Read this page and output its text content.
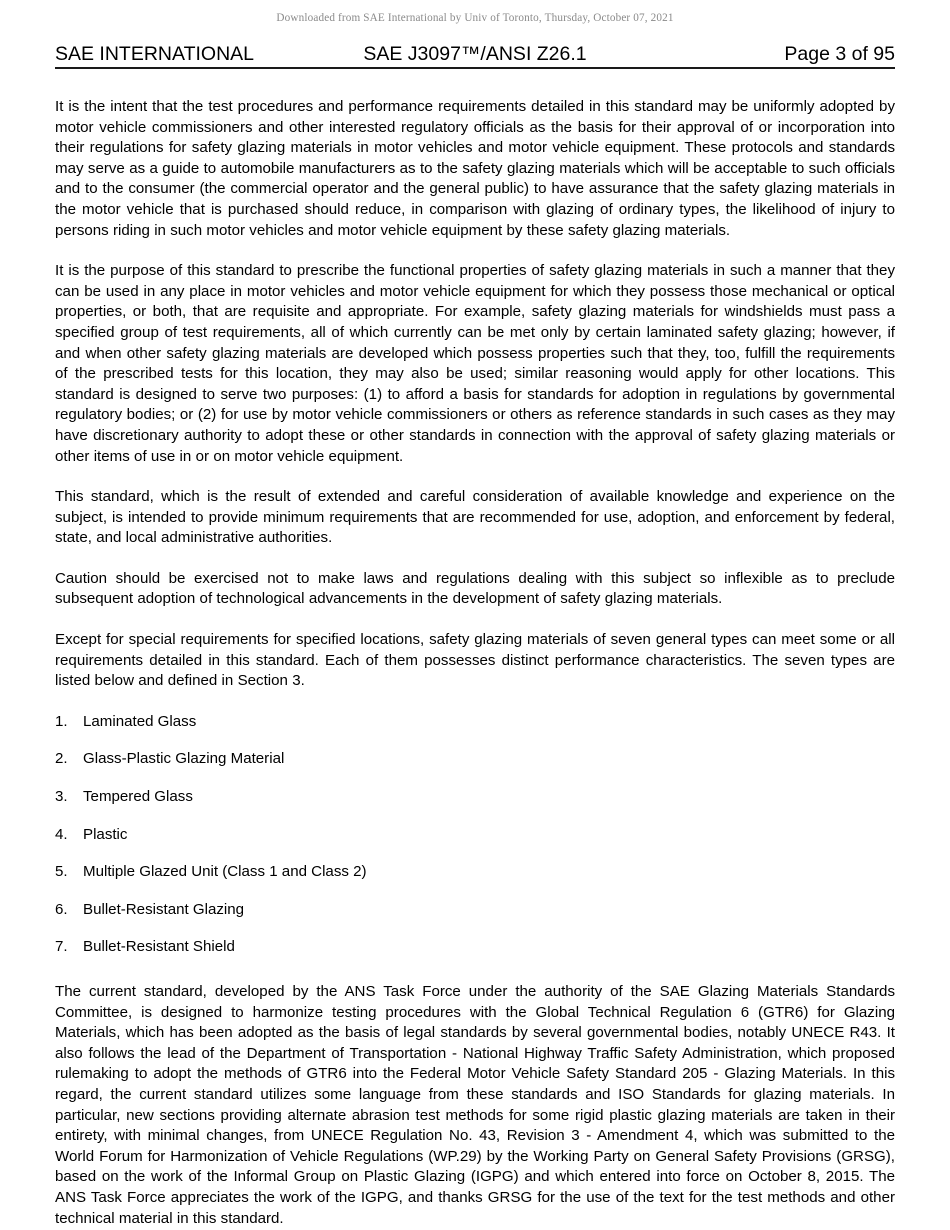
Downloaded from SAE International by Univ of Toronto, Thursday, October 07, 2021
SAE INTERNATIONAL	SAE J3097™/ANSI Z26.1	Page 3 of 95

It is the intent that the test procedures and performance requirements detailed in this standard may be uniformly adopted by motor vehicle commissioners and other interested regulatory officials as the basis for their approval of or incorporation into their regulations for safety glazing materials in motor vehicles and motor vehicle equipment. These protocols and standards may serve as a guide to automobile manufacturers as to the safety glazing materials which will be acceptable to such officials and to the consumer (the commercial operator and the general public) to have assurance that the safety glazing materials in the motor vehicle that is purchased should reduce, in comparison with glazing of ordinary types, the likelihood of injury to persons riding in such motor vehicles and motor vehicle equipment by these safety glazing materials.

It is the purpose of this standard to prescribe the functional properties of safety glazing materials in such a manner that they can be used in any place in motor vehicles and motor vehicle equipment for which they possess those mechanical or optical properties, or both, that are requisite and appropriate. For example, safety glazing materials for windshields must pass a specified group of test requirements, all of which currently can be met only by certain laminated safety glazing; however, if and when other safety glazing materials are developed which possess properties such that they, too, fulfill the requirements of the prescribed tests for this location, they may also be used; similar reasoning would apply for other locations. This standard is designed to serve two purposes: (1) to afford a basis for standards for adoption in regulations by governmental regulatory bodies; or (2) for use by motor vehicle commissioners or others as reference standards in such cases as they may have discretionary authority to adopt these or other standards in connection with the approval of safety glazing materials or other items of use in or on motor vehicle equipment.

This standard, which is the result of extended and careful consideration of available knowledge and experience on the subject, is intended to provide minimum requirements that are recommended for use, adoption, and enforcement by federal, state, and local administrative authorities.

Caution should be exercised not to make laws and regulations dealing with this subject so inflexible as to preclude subsequent adoption of technological advancements in the development of safety glazing materials.

Except for special requirements for specified locations, safety glazing materials of seven general types can meet some or all requirements detailed in this standard. Each of them possesses distinct performance characteristics. The seven types are listed below and defined in Section 3.

1.	Laminated Glass
2.	Glass-Plastic Glazing Material
3.	Tempered Glass
4.	Plastic
5.	Multiple Glazed Unit (Class 1 and Class 2)
6.	Bullet-Resistant Glazing
7.	Bullet-Resistant Shield

The current standard, developed by the ANS Task Force under the authority of the SAE Glazing Materials Standards Committee, is designed to harmonize testing procedures with the Global Technical Regulation 6 (GTR6) for Glazing Materials, which has been adopted as the basis of legal standards by several governmental bodies, notably UNECE R43. It also follows the lead of the Department of Transportation - National Highway Traffic Safety Administration, which proposed rulemaking to adopt the methods of GTR6 into the Federal Motor Vehicle Safety Standard 205 - Glazing Materials. In this regard, the current standard utilizes some language from these standards and ISO Standards for glazing materials. In particular, new sections providing alternate abrasion test methods for some rigid plastic glazing materials are taken in their entirety, with minimal changes, from UNECE Regulation No. 43, Revision 3 - Amendment 4, which was submitted to the World Forum for Harmonization of Vehicle Regulations (WP.29) by the Working Party on General Safety Provisions (GRSG), based on the work of the Informal Group on Plastic Glazing (IGPG) and which entered into force on October 8, 2015. The ANS Task Force appreciates the work of the IGPG, and thanks GRSG for the use of the text for the test methods and other technical material in this standard.
